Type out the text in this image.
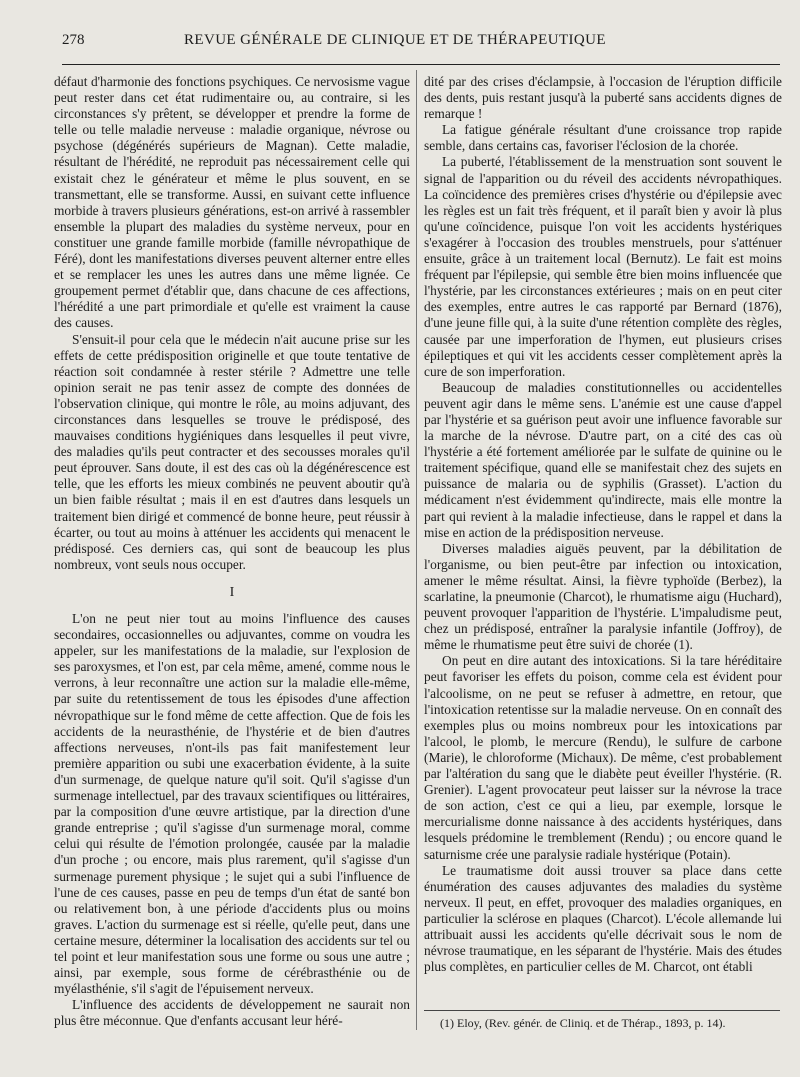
278	REVUE GÉNÉRALE DE CLINIQUE ET DE THÉRAPEUTIQUE

défaut d'harmonie des fonctions psychiques. Ce nervosisme vague peut rester dans cet état rudimentaire ou, au contraire, si les circonstances s'y prêtent, se développer et prendre la forme de telle ou telle maladie nerveuse : maladie organique, névrose ou psychose (dégénérés supérieurs de Magnan). Cette maladie, résultant de l'hérédité, ne reproduit pas nécessairement celle qui existait chez le générateur et même le plus souvent, en se transmettant, elle se transforme. Aussi, en suivant cette influence morbide à travers plusieurs générations, est-on arrivé à rassembler ensemble la plupart des maladies du système nerveux, pour en constituer une grande famille morbide (famille névropathique de Féré), dont les manifestations diverses peuvent alterner entre elles et se remplacer les unes les autres dans une même lignée. Ce groupement permet d'établir que, dans chacune de ces affections, l'hérédité a une part primordiale et qu'elle est vraiment la cause des causes.

S'ensuit-il pour cela que le médecin n'ait aucune prise sur les effets de cette prédisposition originelle et que toute tentative de réaction soit condamnée à rester stérile ? Admettre une telle opinion serait ne pas tenir assez de compte des données de l'observation clinique, qui montre le rôle, au moins adjuvant, des circonstances dans lesquelles se trouve le prédisposé, des mauvaises conditions hygiéniques dans lesquelles il peut vivre, des maladies qu'ils peut contracter et des secousses morales qu'il peut éprouver. Sans doute, il est des cas où la dégénérescence est telle, que les efforts les mieux combinés ne peuvent aboutir qu'à un bien faible résultat ; mais il en est d'autres dans lesquels un traitement bien dirigé et commencé de bonne heure, peut réussir à écarter, ou tout au moins à atténuer les accidents qui menacent le prédisposé. Ces derniers cas, qui sont de beaucoup les plus nombreux, vont seuls nous occuper.

I

L'on ne peut nier tout au moins l'influence des causes secondaires, occasionnelles ou adjuvantes, comme on voudra les appeler, sur les manifestations de la maladie, sur l'explosion de ses paroxysmes, et l'on est, par cela même, amené, comme nous le verrons, à leur reconnaître une action sur la maladie elle-même, par suite du retentissement de tous les épisodes d'une affection névropathique sur le fond même de cette affection. Que de fois les accidents de la neurasthénie, de l'hystérie et de bien d'autres affections nerveuses, n'ont-ils pas fait manifestement leur première apparition ou subi une exacerbation évidente, à la suite d'un surmenage, de quelque nature qu'il soit. Qu'il s'agisse d'un surmenage intellectuel, par des travaux scientifiques ou littéraires, par la composition d'une œuvre artistique, par la direction d'une grande entreprise ; qu'il s'agisse d'un surmenage moral, comme celui qui résulte de l'émotion prolongée, causée par la maladie d'un proche ; ou encore, mais plus rarement, qu'il s'agisse d'un surmenage purement physique ; le sujet qui a subi l'influence de l'une de ces causes, passe en peu de temps d'un état de santé bon ou relativement bon, à une période d'accidents plus ou moins graves. L'action du surmenage est si réelle, qu'elle peut, dans une certaine mesure, déterminer la localisation des accidents sur tel ou tel point et leur manifestation sous une forme ou sous une autre ; ainsi, par exemple, sous forme de cérébrasthénie ou de myélasthénie, s'il s'agit de l'épuisement nerveux.

L'influence des accidents de développement ne saurait non plus être méconnue. Que d'enfants accusant leur héré-

dité par des crises d'éclampsie, à l'occasion de l'éruption difficile des dents, puis restant jusqu'à la puberté sans accidents dignes de remarque !

La fatigue générale résultant d'une croissance trop rapide semble, dans certains cas, favoriser l'éclosion de la chorée.

La puberté, l'établissement de la menstruation sont souvent le signal de l'apparition ou du réveil des accidents névropathiques. La coïncidence des premières crises d'hystérie ou d'épilepsie avec les règles est un fait très fréquent, et il paraît bien y avoir là plus qu'une coïncidence, puisque l'on voit les accidents hystériques s'exagérer à l'occasion des troubles menstruels, pour s'atténuer ensuite, grâce à un traitement local (Bernutz). Le fait est moins fréquent par l'épilepsie, qui semble être bien moins influencée que l'hystérie, par les circonstances extérieures ; mais on en peut citer des exemples, entre autres le cas rapporté par Bernard (1876), d'une jeune fille qui, à la suite d'une rétention complète des règles, causée par une imperforation de l'hymen, eut plusieurs crises épileptiques et qui vit les accidents cesser complètement après la cure de son imperforation.

Beaucoup de maladies constitutionnelles ou accidentelles peuvent agir dans le même sens. L'anémie est une cause d'appel par l'hystérie et sa guérison peut avoir une influence favorable sur la marche de la névrose. D'autre part, on a cité des cas où l'hystérie a été fortement améliorée par le sulfate de quinine ou le traitement spécifique, quand elle se manifestait chez des sujets en puissance de malaria ou de syphilis (Grasset). L'action du médicament n'est évidemment qu'indirecte, mais elle montre la part qui revient à la maladie infectieuse, dans le rappel et dans la mise en action de la prédisposition nerveuse.

Diverses maladies aiguës peuvent, par la débilitation de l'organisme, ou bien peut-être par infection ou intoxication, amener le même résultat. Ainsi, la fièvre typhoïde (Berbez), la scarlatine, la pneumonie (Charcot), le rhumatisme aigu (Huchard), peuvent provoquer l'apparition de l'hystérie. L'impaludisme peut, chez un prédisposé, entraîner la paralysie infantile (Joffroy), de même le rhumatisme peut être suivi de chorée (1).

On peut en dire autant des intoxications. Si la tare héréditaire peut favoriser les effets du poison, comme cela est évident pour l'alcoolisme, on ne peut se refuser à admettre, en retour, que l'intoxication retentisse sur la maladie nerveuse. On en connaît des exemples plus ou moins nombreux pour les intoxications par l'alcool, le plomb, le mercure (Rendu), le sulfure de carbone (Marie), le chloroforme (Michaux). De même, c'est probablement par l'altération du sang que le diabète peut éveiller l'hystérie. (R. Grenier). L'agent provocateur peut laisser sur la névrose la trace de son action, c'est ce qui a lieu, par exemple, lorsque le mercurialisme donne naissance à des accidents hystériques, dans lesquels prédomine le tremblement (Rendu) ; ou encore quand le saturnisme crée une paralysie radiale hystérique (Potain).

Le traumatisme doit aussi trouver sa place dans cette énumération des causes adjuvantes des maladies du système nerveux. Il peut, en effet, provoquer des maladies organiques, en particulier la sclérose en plaques (Charcot). L'école allemande lui attribuait aussi les accidents qu'elle décrivait sous le nom de névrose traumatique, en les séparant de l'hystérie. Mais des études plus complètes, en particulier celles de M. Charcot, ont établi

(1) Eloy, (Rev. génér. de Cliniq. et de Thérap., 1893, p. 14).
